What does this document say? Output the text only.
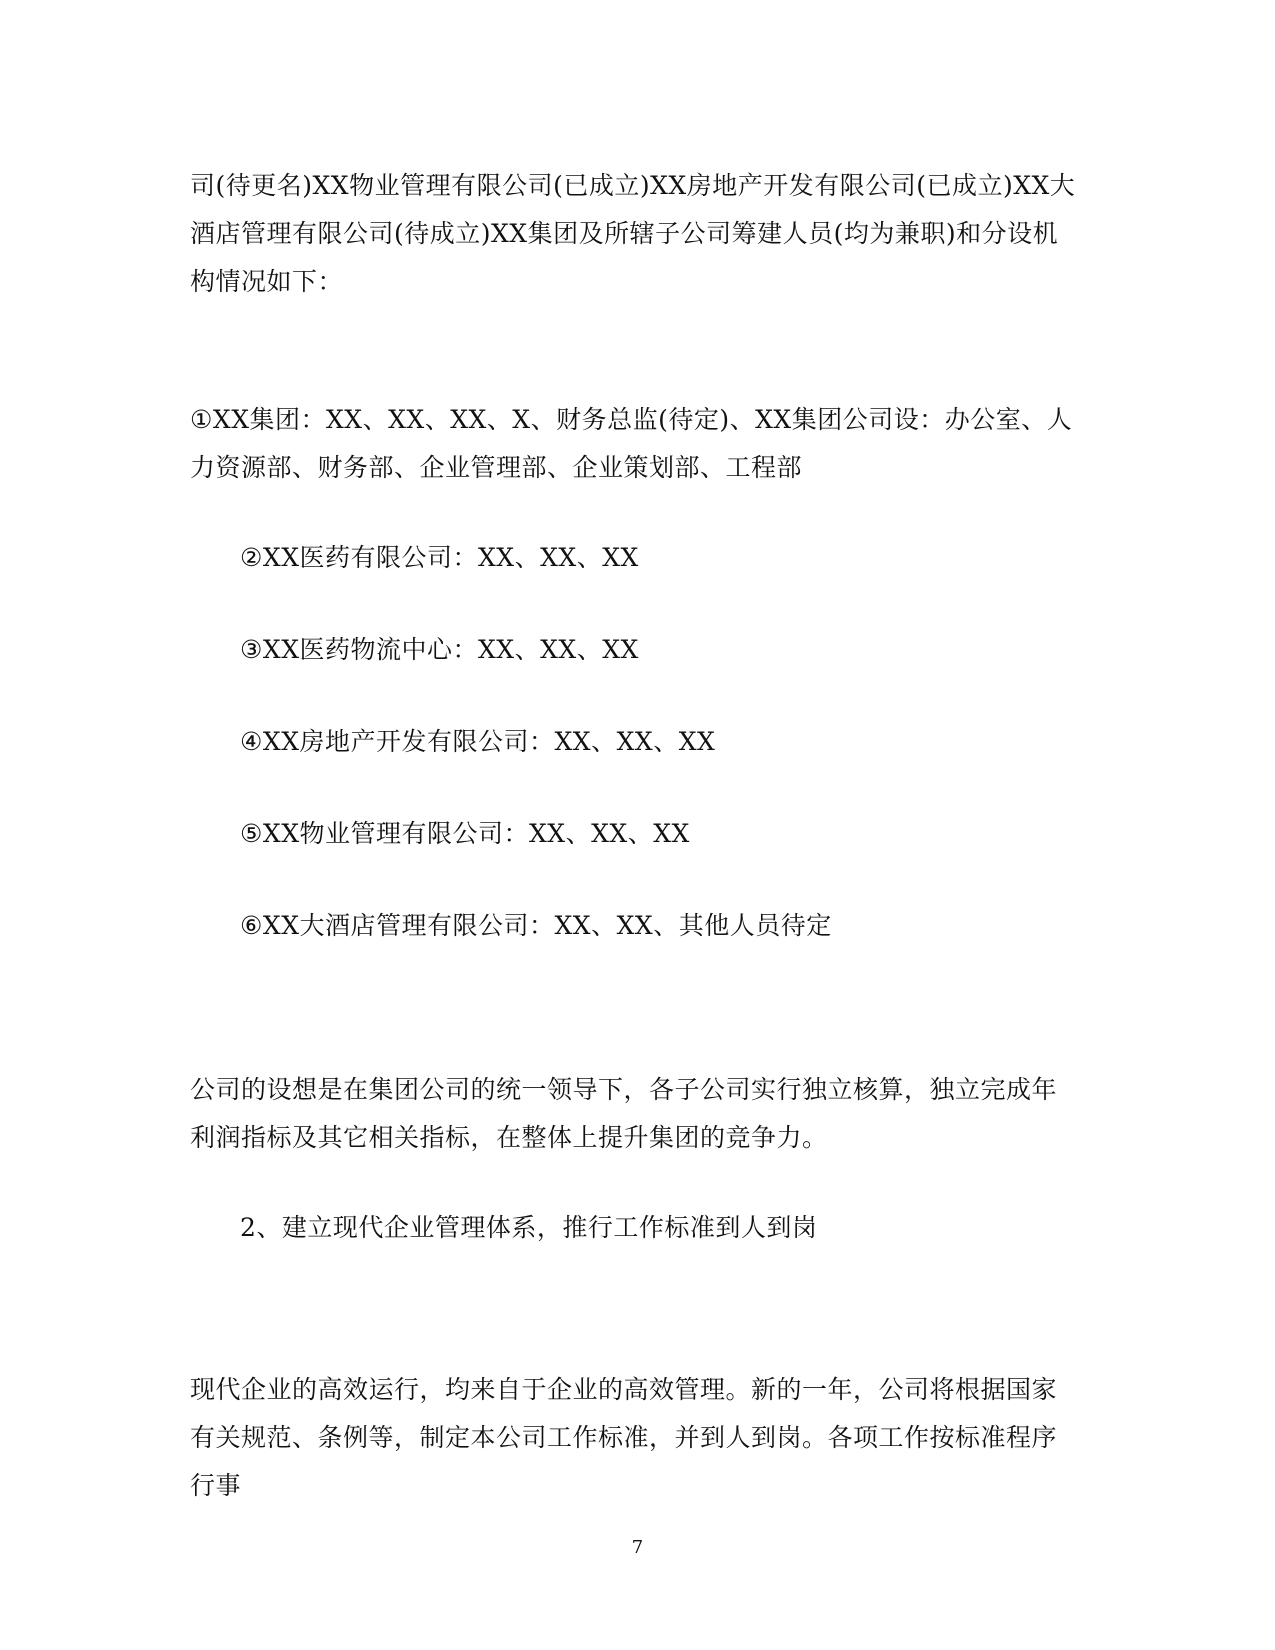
司(待更名)XX物业管理有限公司(已成立)XX房地产开发有限公司(已成立)XX大酒店管理有限公司(待成立)XX集团及所辖子公司筹建人员(均为兼职)和分设机构情况如下：

①XX集团：XX、XX、XX、X、财务总监(待定)、XX集团公司设：办公室、人力资源部、财务部、企业管理部、企业策划部、工程部

②XX医药有限公司：XX、XX、XX

③XX医药物流中心：XX、XX、XX

④XX房地产开发有限公司：XX、XX、XX

⑤XX物业管理有限公司：XX、XX、XX

⑥XX大酒店管理有限公司：XX、XX、其他人员待定

公司的设想是在集团公司的统一领导下，各子公司实行独立核算，独立完成年利润指标及其它相关指标，在整体上提升集团的竞争力。

2、建立现代企业管理体系，推行工作标准到人到岗

现代企业的高效运行，均来自于企业的高效管理。新的一年，公司将根据国家有关规范、条例等，制定本公司工作标准，并到人到岗。各项工作按标准程序行事

7
